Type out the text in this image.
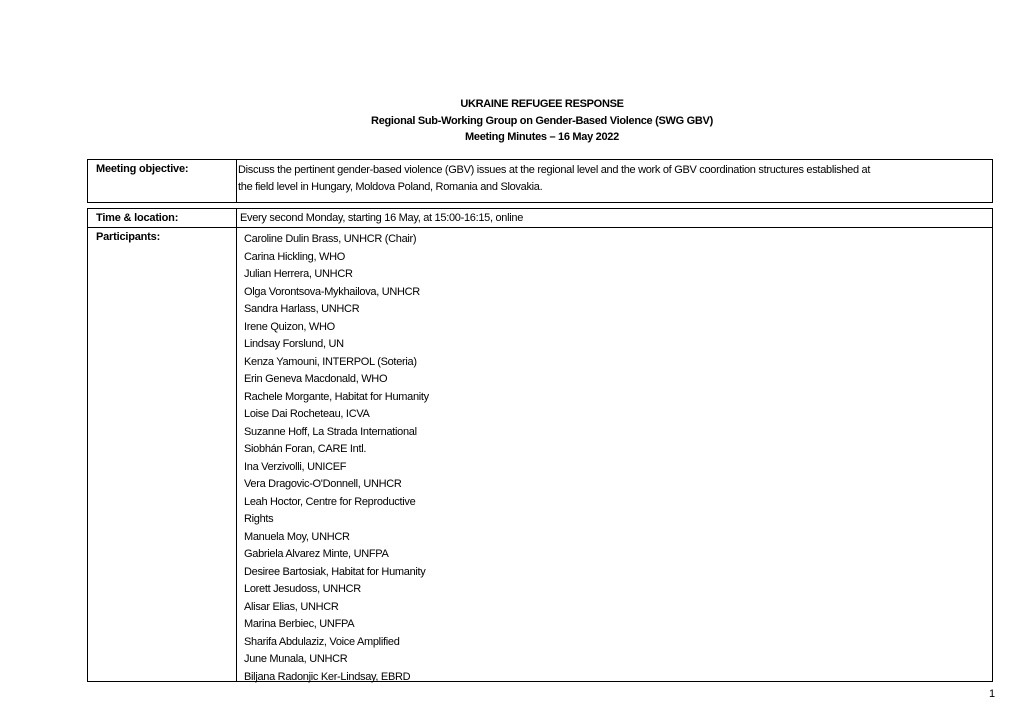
UKRAINE REFUGEE RESPONSE
Regional Sub-Working Group on Gender-Based Violence (SWG GBV)
Meeting Minutes – 16 May 2022
Meeting objective:	Discuss the pertinent gender-based violence (GBV) issues at the regional level and the work of GBV coordination structures established at
the field level in Hungary, Moldova Poland, Romania and Slovakia.
Time & location:	Every second Monday, starting 16 May, at 15:00-16:15, online
Participants:	Caroline Dulin Brass, UNHCR (Chair)
Carina Hickling, WHO
Julian Herrera, UNHCR
Olga Vorontsova-Mykhailova, UNHCR
Sandra Harlass, UNHCR
Irene Quizon, WHO
Lindsay Forslund, UN
Kenza Yamouni, INTERPOL (Soteria)
Erin Geneva Macdonald, WHO
Rachele Morgante, Habitat for Humanity
Loise Dai Rocheteau, ICVA
Suzanne Hoff, La Strada International
Siobhán Foran, CARE Intl.
Ina Verzivolli, UNICEF
Vera Dragovic-O'Donnell, UNHCR
Leah Hoctor, Centre for Reproductive
Rights
Manuela Moy, UNHCR
Gabriela Alvarez Minte, UNFPA
Desiree Bartosiak, Habitat for Humanity
Lorett Jesudoss, UNHCR
Alisar Elias, UNHCR
Marina Berbiec, UNFPA
Sharifa Abdulaziz, Voice Amplified
June Munala, UNHCR
Biljana Radonjic Ker-Lindsay, EBRD
1
